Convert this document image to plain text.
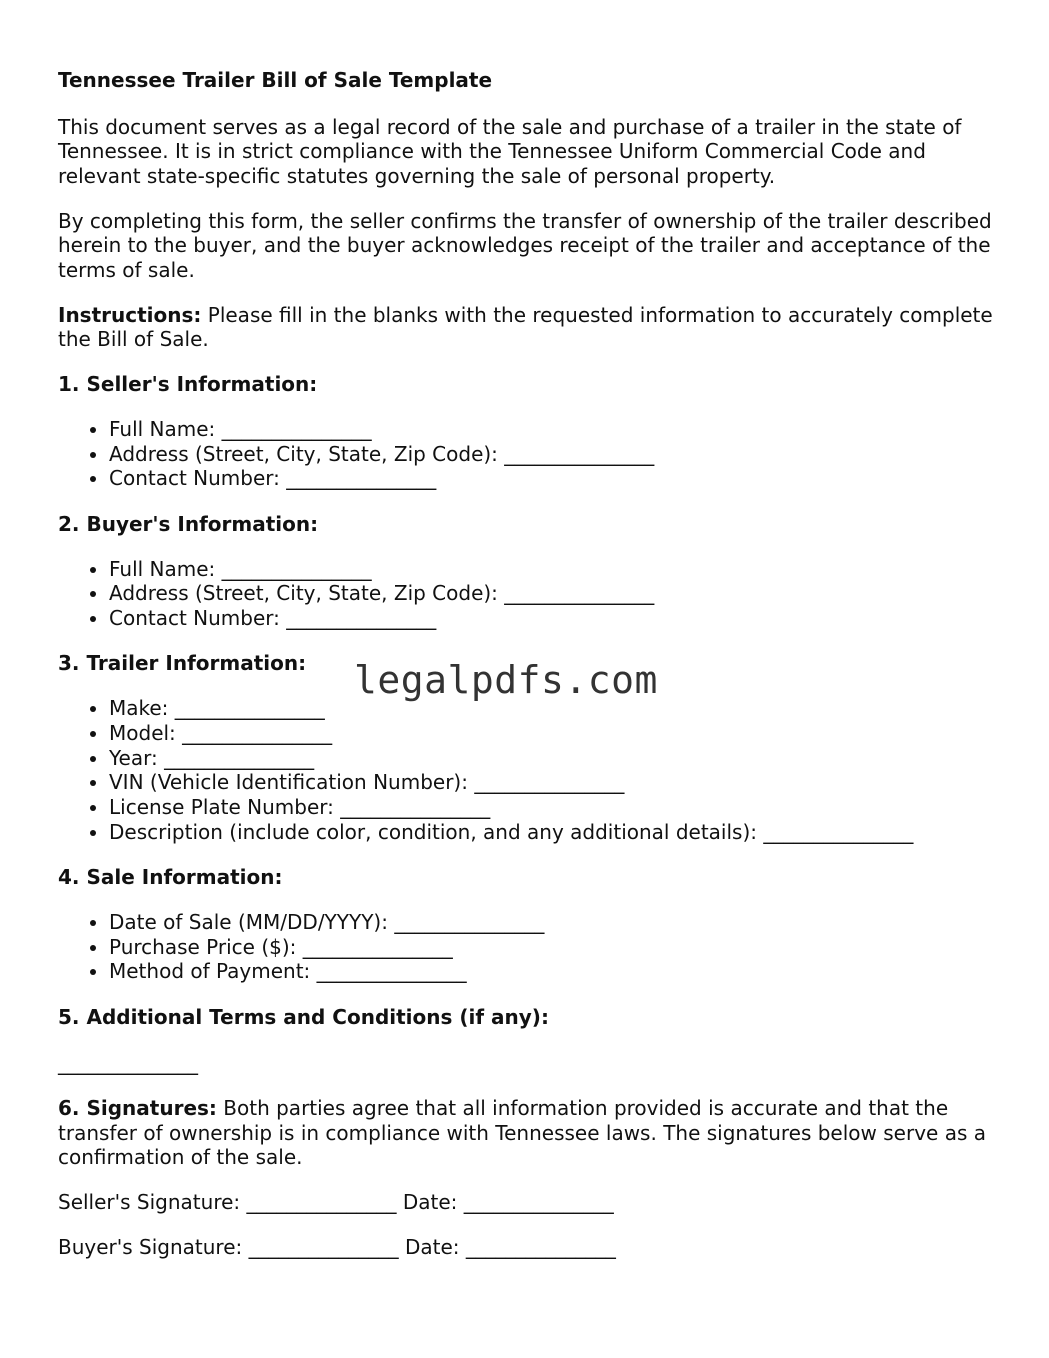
Tennessee Trailer Bill of Sale Template

This document serves as a legal record of the sale and purchase of a trailer in the state of Tennessee. It is in strict compliance with the Tennessee Uniform Commercial Code and relevant state-specific statutes governing the sale of personal property.

By completing this form, the seller confirms the transfer of ownership of the trailer described herein to the buyer, and the buyer acknowledges receipt of the trailer and acceptance of the terms of sale.

Instructions: Please fill in the blanks with the requested information to accurately complete the Bill of Sale.

1. Seller's Information:
• Full Name: _______________
• Address (Street, City, State, Zip Code): _______________
• Contact Number: _______________
2. Buyer's Information:
• Full Name: _______________
• Address (Street, City, State, Zip Code): _______________
• Contact Number: _______________
3. Trailer Information:
• Make: _______________
• Model: _______________
• Year: _______________
• VIN (Vehicle Identification Number): _______________
• License Plate Number: _______________
• Description (include color, condition, and any additional details): _______________
4. Sale Information:
• Date of Sale (MM/DD/YYYY): _______________
• Purchase Price ($): _______________
• Method of Payment: _______________
5. Additional Terms and Conditions (if any):
______________

6. Signatures: Both parties agree that all information provided is accurate and that the transfer of ownership is in compliance with Tennessee laws. The signatures below serve as a confirmation of the sale.

Seller's Signature: _______________ Date: _______________

Buyer's Signature: _______________ Date: _______________

legalpdfs.com
